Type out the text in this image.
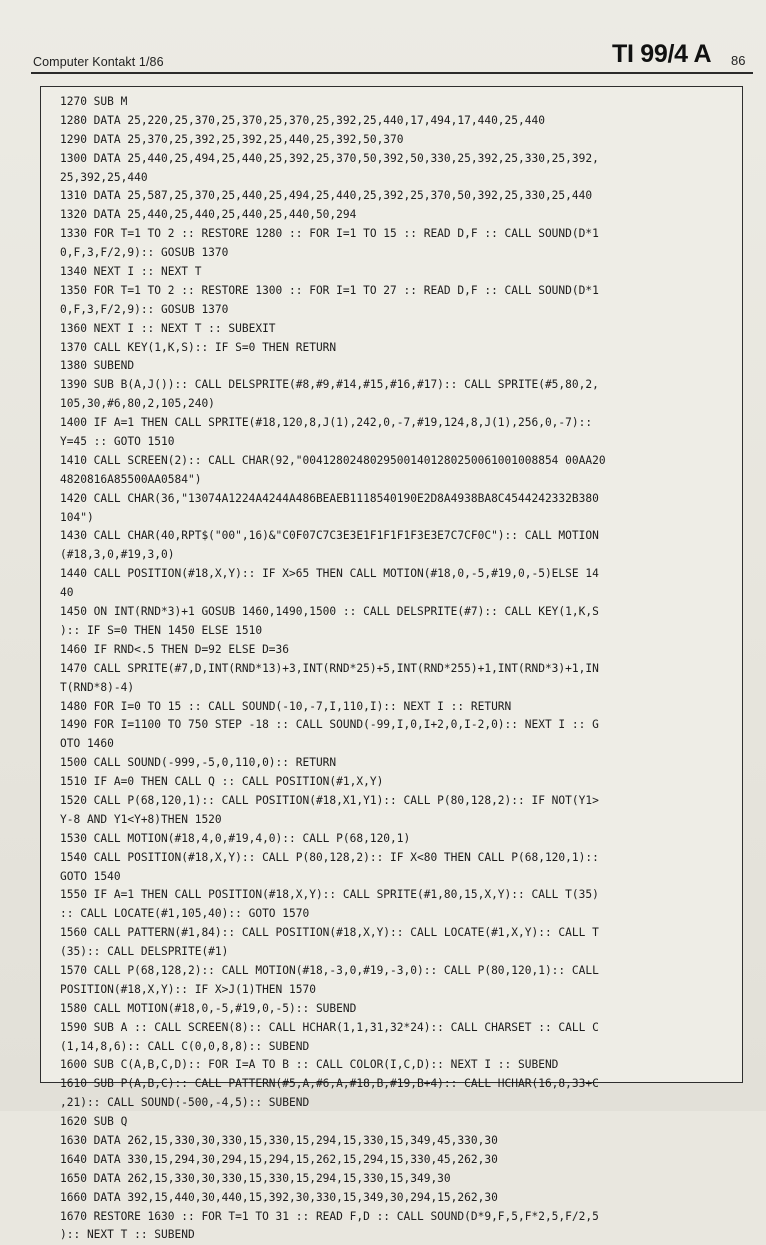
Computer Kontakt 1/86	TI 99/4 A 86
1270 SUB M
1280 DATA 25,220,25,370,25,370,25,370,25,392,25,440,17,494,17,440,25,440
1290 DATA 25,370,25,392,25,392,25,440,25,392,50,370
1300 DATA 25,440,25,494,25,440,25,392,25,370,50,392,50,330,25,392,25,330,25,392,
25,392,25,440
1310 DATA 25,587,25,370,25,440,25,494,25,440,25,392,25,370,50,392,25,330,25,440
1320 DATA 25,440,25,440,25,440,25,440,50,294
1330 FOR T=1 TO 2 :: RESTORE 1280 :: FOR I=1 TO 15 :: READ D,F :: CALL SOUND(D*1
0,F,3,F/2,9):: GOSUB 1370
1340 NEXT I :: NEXT T
1350 FOR T=1 TO 2 :: RESTORE 1300 :: FOR I=1 TO 27 :: READ D,F :: CALL SOUND(D*1
0,F,3,F/2,9):: GOSUB 1370
1360 NEXT I :: NEXT T :: SUBEXIT
1370 CALL KEY(1,K,S):: IF S=0 THEN RETURN
1380 SUBEND
1390 SUB B(A,J()):: CALL DELSPRITE(#8,#9,#14,#15,#16,#17):: CALL SPRITE(#5,80,2,
105,30,#6,80,2,105,240)
1400 IF A=1 THEN CALL SPRITE(#18,120,8,J(1),242,0,-7,#19,124,8,J(1),256,0,-7)::
Y=45 :: GOTO 1510
1410 CALL SCREEN(2):: CALL CHAR(92,"00412802480295001401280250061001008854 00AA20
4820816A85500AA0584")
1420 CALL CHAR(36,"13074A1224A4244A486BEAEB1118540190E2D8A4938BA8C4544242332B380
104")
1430 CALL CHAR(40,RPT$("00",16)&"C0F07C7C3E3E1F1F1F1F3E3E7C7CF0C"):: CALL MOTION
(#18,3,0,#19,3,0)
1440 CALL POSITION(#18,X,Y):: IF X>65 THEN CALL MOTION(#18,0,-5,#19,0,-5)ELSE 14
40
1450 ON INT(RND*3)+1 GOSUB 1460,1490,1500 :: CALL DELSPRITE(#7):: CALL KEY(1,K,S
):: IF S=0 THEN 1450 ELSE 1510
1460 IF RND<.5 THEN D=92 ELSE D=36
1470 CALL SPRITE(#7,D,INT(RND*13)+3,INT(RND*25)+5,INT(RND*255)+1,INT(RND*3)+1,IN
T(RND*8)-4)
1480 FOR I=0 TO 15 :: CALL SOUND(-10,-7,I,110,I):: NEXT I :: RETURN
1490 FOR I=1100 TO 750 STEP -18 :: CALL SOUND(-99,I,0,I+2,0,I-2,0):: NEXT I :: G
OTO 1460
1500 CALL SOUND(-999,-5,0,110,0):: RETURN
1510 IF A=0 THEN CALL Q :: CALL POSITION(#1,X,Y)
1520 CALL P(68,120,1):: CALL POSITION(#18,X1,Y1):: CALL P(80,128,2):: IF NOT(Y1>
Y-8 AND Y1<Y+8)THEN 1520
1530 CALL MOTION(#18,4,0,#19,4,0):: CALL P(68,120,1)
1540 CALL POSITION(#18,X,Y):: CALL P(80,128,2):: IF X<80 THEN CALL P(68,120,1)::
GOTO 1540
1550 IF A=1 THEN CALL POSITION(#18,X,Y):: CALL SPRITE(#1,80,15,X,Y):: CALL T(35)
:: CALL LOCATE(#1,105,40):: GOTO 1570
1560 CALL PATTERN(#1,84):: CALL POSITION(#18,X,Y):: CALL LOCATE(#1,X,Y):: CALL T
(35):: CALL DELSPRITE(#1)
1570 CALL P(68,128,2):: CALL MOTION(#18,-3,0,#19,-3,0):: CALL P(80,120,1):: CALL
POSITION(#18,X,Y):: IF X>J(1)THEN 1570
1580 CALL MOTION(#18,0,-5,#19,0,-5):: SUBEND
1590 SUB A :: CALL SCREEN(8):: CALL HCHAR(1,1,31,32*24):: CALL CHARSET :: CALL C
(1,14,8,6):: CALL C(0,0,8,8):: SUBEND
1600 SUB C(A,B,C,D):: FOR I=A TO B :: CALL COLOR(I,C,D):: NEXT I :: SUBEND
1610 SUB P(A,B,C):: CALL PATTERN(#5,A,#6,A,#18,B,#19,B+4):: CALL HCHAR(16,8,33+C
,21):: CALL SOUND(-500,-4,5):: SUBEND
1620 SUB Q
1630 DATA 262,15,330,30,330,15,330,15,294,15,330,15,349,45,330,30
1640 DATA 330,15,294,30,294,15,294,15,262,15,294,15,330,45,262,30
1650 DATA 262,15,330,30,330,15,330,15,294,15,330,15,349,30
1660 DATA 392,15,440,30,440,15,392,30,330,15,349,30,294,15,262,30
1670 RESTORE 1630 :: FOR T=1 TO 31 :: READ F,D :: CALL SOUND(D*9,F,5,F*2,5,F/2,5
):: NEXT T :: SUBEND
